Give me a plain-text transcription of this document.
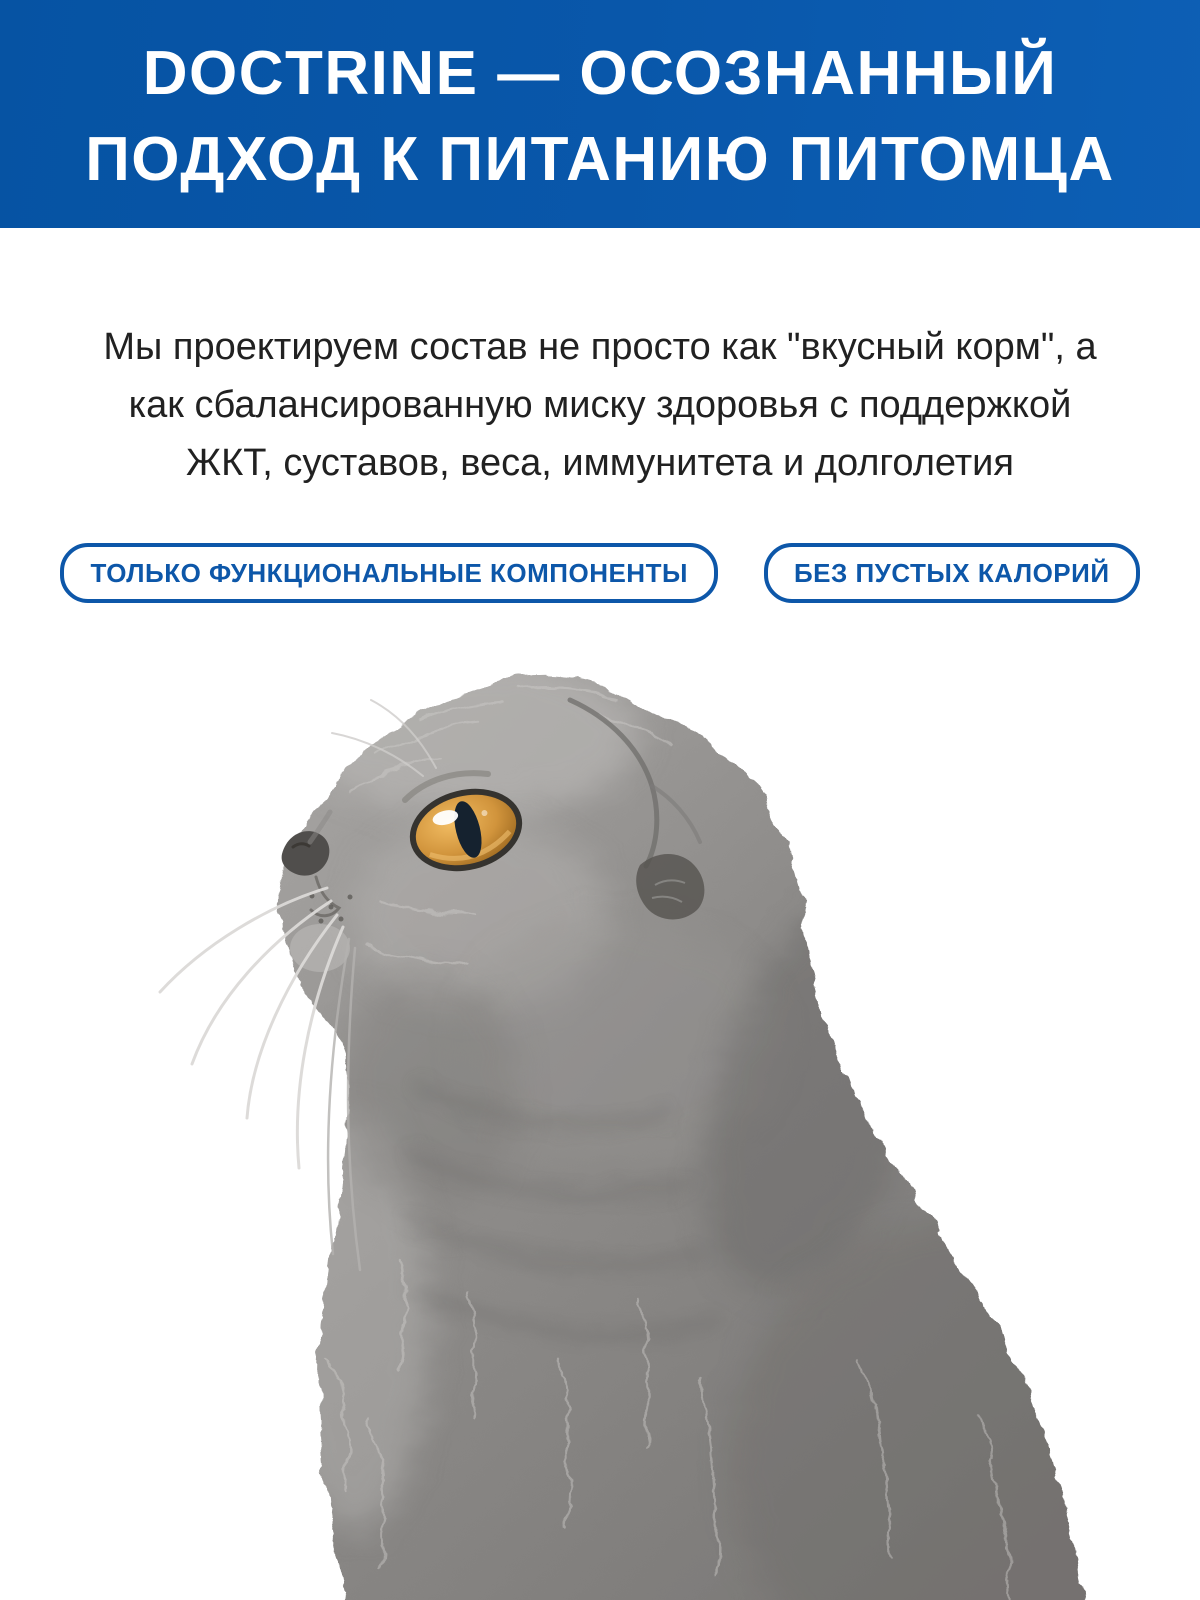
DOCTRINE — ОСОЗНАННЫЙ
ПОДХОД К ПИТАНИЮ ПИТОМЦА
Мы проектируем состав не просто как "вкусный корм", а
как сбалансированную миску здоровья с поддержкой
ЖКТ, суставов, веса, иммунитета и долголетия
ТОЛЬКО ФУНКЦИОНАЛЬНЫЕ КОМПОНЕНТЫ	БЕЗ ПУСТЫХ КАЛОРИЙ
